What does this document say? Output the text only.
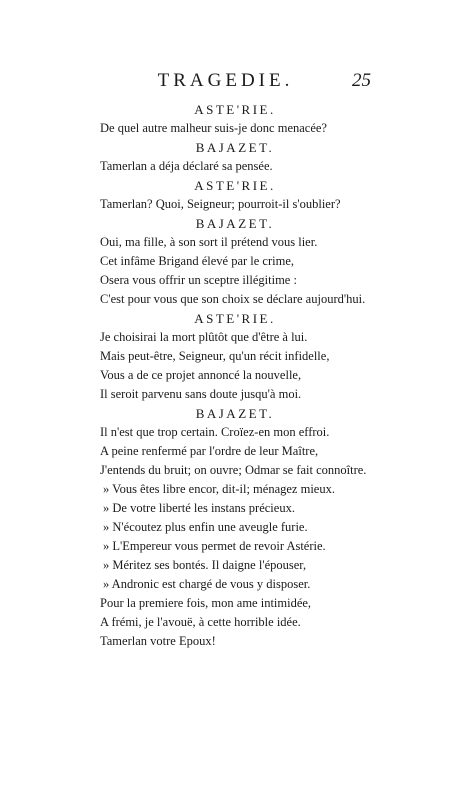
TRAGEDIE.	25
ASTE'RIE.
De quel autre malheur suis-je donc menacée?
BAJAZET.
Tamerlan a déja déclaré sa pensée.
ASTE'RIE.
Tamerlan? Quoi, Seigneur; pourroit-il s'oublier?
BAJAZET.
Oui, ma fille, à son sort il prétend vous lier.
Cet infâme Brigand élevé par le crime,
Osera vous offrir un sceptre illégitime :
C'est pour vous que son choix se déclare aujourd'hui.
ASTE'RIE.
Je choisirai la mort plûtôt que d'être à lui.
Mais peut-être, Seigneur, qu'un récit infidelle,
Vous a de ce projet annoncé la nouvelle,
Il seroit parvenu sans doute jusqu'à moi.
BAJAZET.
Il n'est que trop certain. Croïez-en mon effroi.
A peine renfermé par l'ordre de leur Maître,
J'entends du bruit; on ouvre; Odmar se fait connoître.
» Vous êtes libre encor, dit-il; ménagez mieux.
» De votre liberté les instans précieux.
» N'écoutez plus enfin une aveugle furie.
» L'Empereur vous permet de revoir Astérie.
» Méritez ses bontés. Il daigne l'épouser,
» Andronic est chargé de vous y disposer.
Pour la premiere fois, mon ame intimidée,
A frémi, je l'avouë, à cette horrible idée.
Tamerlan votre Epoux!
